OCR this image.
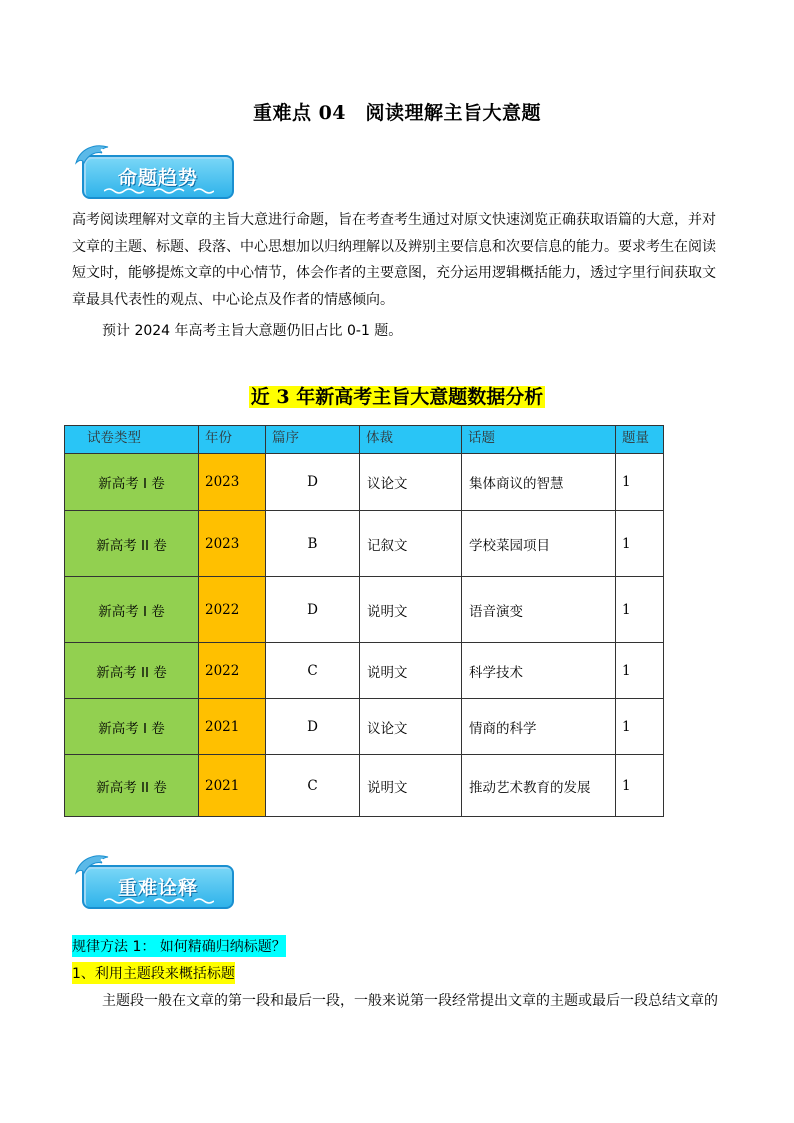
重难点 04　阅读理解主旨大意题
命题趋势
高考阅读理解对文章的主旨大意进行命题，旨在考查考生通过对原文快速浏览正确获取语篇的大意，并对文章的主题、标题、段落、中心思想加以归纳理解以及辨别主要信息和次要信息的能力。要求考生在阅读短文时，能够提炼文章的中心情节，体会作者的主要意图，充分运用逻辑概括能力，透过字里行间获取文章最具代表性的观点、中心论点及作者的情感倾向。
预计 2024 年高考主旨大意题仍旧占比 0-1 题。
近 3 年新高考主旨大意题数据分析
试卷类型	年份	篇序	体裁	话题	题量
新高考 I 卷	2023	D	议论文	集体商议的智慧	1
新高考 II 卷	2023	B	记叙文	学校菜园项目	1
新高考 I 卷	2022	D	说明文	语音演变	1
新高考 II 卷	2022	C	说明文	科学技术	1
新高考 I 卷	2021	D	议论文	情商的科学	1
新高考 II 卷	2021	C	说明文	推动艺术教育的发展	1
重难诠释
规律方法 1： 如何精确归纳标题？
1、利用主题段来概括标题
主题段一般在文章的第一段和最后一段，一般来说第一段经常提出文章的主题或最后一段总结文章的
